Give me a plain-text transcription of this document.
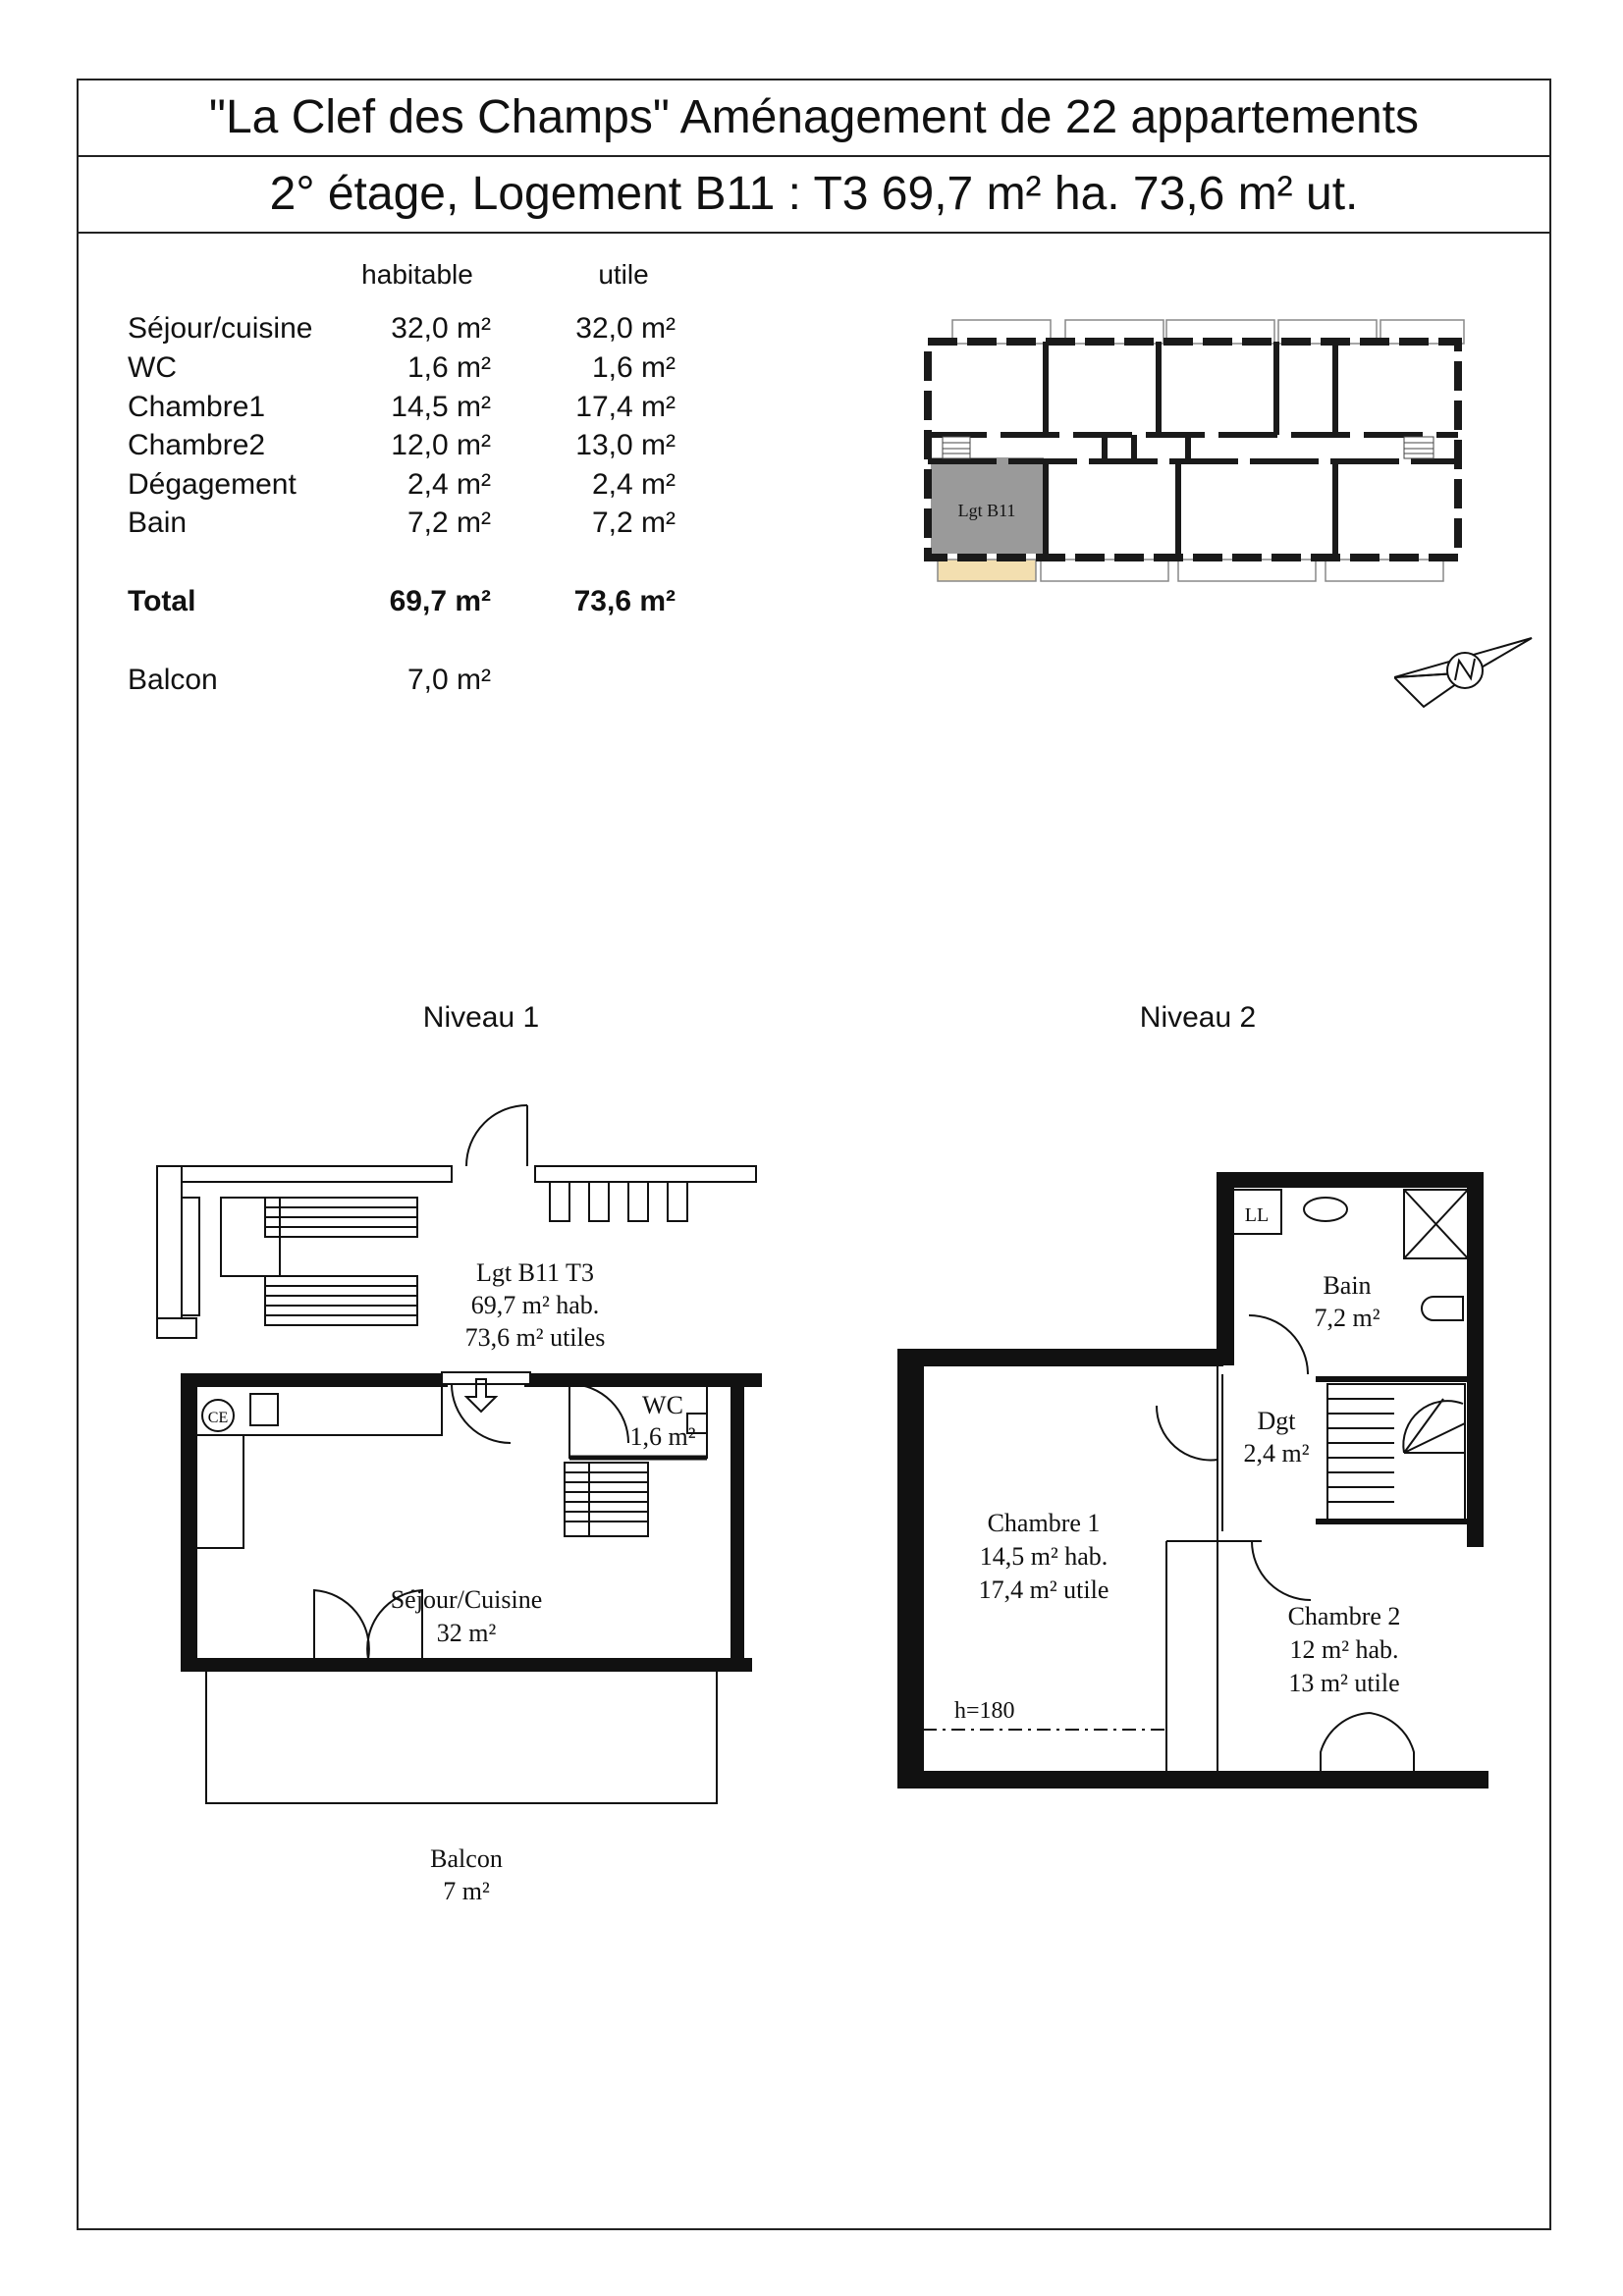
"La Clef des Champs" Aménagement de 22 appartements
2° étage, Logement B11 : T3 69,7 m² ha. 73,6 m² ut.
habitable	utile
Séjour/cuisine	32,0 m²	32,0 m²
WC	1,6 m²	1,6 m²
Chambre1	14,5 m²	17,4 m²
Chambre2	12,0 m²	13,0 m²
Dégagement	2,4 m²	2,4 m²
Bain	7,2 m²	7,2 m²
Total	69,7 m²	73,6 m²
Balcon	7,0 m²
Lgt B11
Niveau 1	Niveau 2
CE
Lgt B11 T3
69,7 m² hab.
73,6 m² utiles
WC
1,6 m²
Séjour/Cuisine
32 m²
Balcon
7 m²
LL
Bain
7,2 m²
Dgt
2,4 m²
Chambre 1
14,5 m² hab.
17,4 m² utile
Chambre 2
12 m² hab.
13 m² utile
h=180
